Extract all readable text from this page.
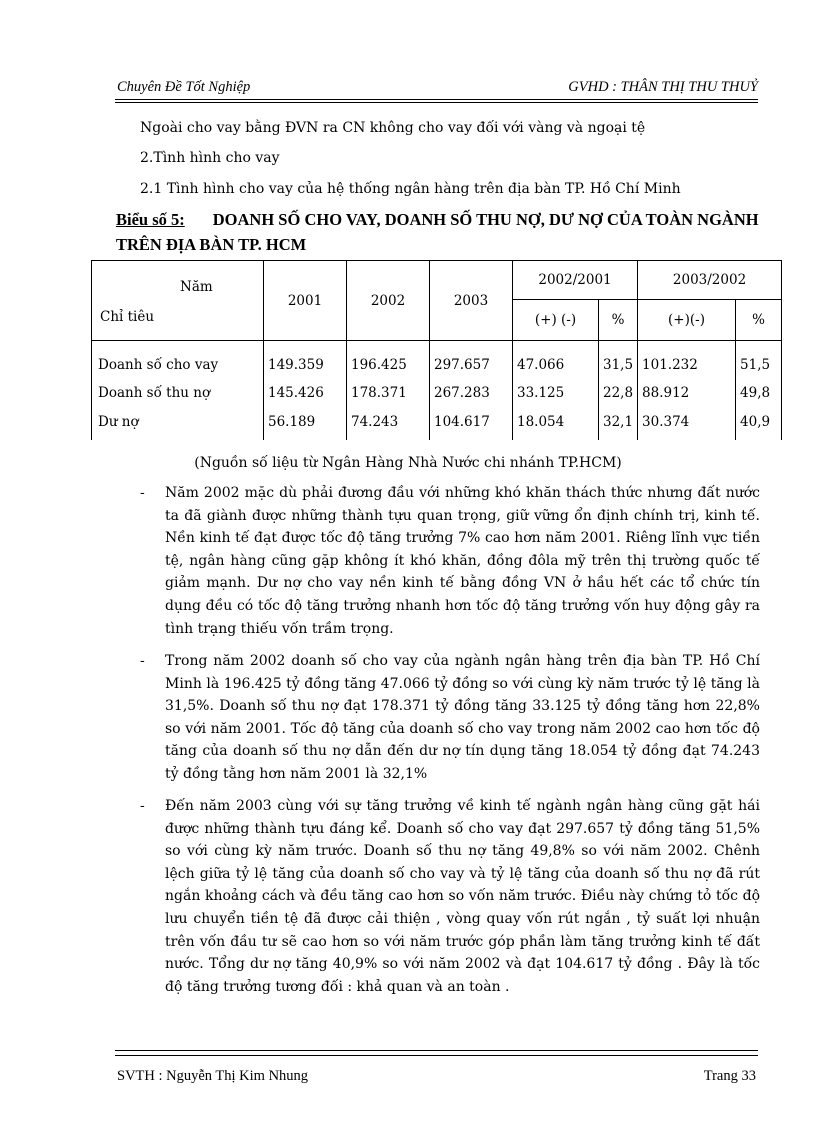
Chuyên Đề Tốt Nghiệp	GVHD : THÂN THỊ THU THUỶ
Ngoài cho vay bằng ĐVN ra CN không cho vay đối với vàng và ngoại tệ
2.Tình hình cho vay
2.1 Tình hình cho vay của hệ thống ngân hàng trên địa bàn TP. Hồ Chí Minh
Biểu số 5: DOANH SỐ CHO VAY, DOANH SỐ THU NỢ, DƯ NỢ CỦA TOÀN NGÀNH TRÊN ĐỊA BÀN TP. HCM
Năm
Chỉ tiêu	2001	2002	2003	2002/2001		2003/2002	
				(+) (-)	%	(+)(-)	%
Doanh số cho vay	149.359	196.425	297.657	47.066	31,5	101.232	51,5
Doanh số thu nợ	145.426	178.371	267.283	33.125	22,8	88.912	49,8
Dư nợ	56.189	74.243	104.617	18.054	32,1	30.374	40,9
(Nguồn số liệu từ Ngân Hàng Nhà Nước chi nhánh TP.HCM)
- Năm 2002 mặc dù phải đương đầu với những khó khăn thách thức nhưng đất nước ta đã giành được những thành tựu quan trọng, giữ vững ổn định chính trị, kinh tế. Nền kinh tế đạt được tốc độ tăng trưởng 7% cao hơn năm 2001. Riêng lĩnh vực tiền tệ, ngân hàng cũng gặp không ít khó khăn, đồng đôla mỹ trên thị trường quốc tế giảm mạnh. Dư nợ cho vay nền kinh tế bằng đồng VN ở hầu hết các tổ chức tín dụng đều có tốc độ tăng trưởng nhanh hơn tốc độ tăng trưởng vốn huy động gây ra tình trạng thiếu vốn trầm trọng.
- Trong năm 2002 doanh số cho vay của ngành ngân hàng trên địa bàn TP. Hồ Chí Minh là 196.425 tỷ đồng tăng 47.066 tỷ đồng so với cùng kỳ năm trước tỷ lệ tăng là 31,5%. Doanh số thu nợ đạt 178.371 tỷ đồng tăng 33.125 tỷ đồng tăng hơn 22,8% so với năm 2001. Tốc độ tăng của doanh số cho vay trong năm 2002 cao hơn tốc độ tăng của doanh số thu nợ dẫn đến dư nợ tín dụng tăng 18.054 tỷ đồng đạt 74.243 tỷ đồng tằng hơn năm 2001 là 32,1%
- Đến năm 2003 cùng với sự tăng trưởng về kinh tế ngành ngân hàng cũng gặt hái được những thành tựu đáng kể. Doanh số cho vay đạt 297.657 tỷ đồng tăng 51,5% so với cùng kỳ năm trước. Doanh số thu nợ tăng 49,8% so với năm 2002. Chênh lệch giữa tỷ lệ tăng của doanh số cho vay và tỷ lệ tăng của doanh số thu nợ đã rút ngắn khoảng cách và đều tăng cao hơn so vốn năm trước. Điều này chứng tỏ tốc độ lưu chuyển tiền tệ đã được cải thiện , vòng quay vốn rút ngắn , tỷ suất lợi nhuận trên vốn đầu tư sẽ cao hơn so với năm trước góp phần làm tăng trưởng kinh tế đất nước. Tổng dư nợ tăng 40,9% so với năm 2002 và đạt 104.617 tỷ đồng . Đây là tốc độ tăng trưởng tương đối : khả quan và an toàn .
SVTH : Nguyễn Thị Kim Nhung	Trang 33
